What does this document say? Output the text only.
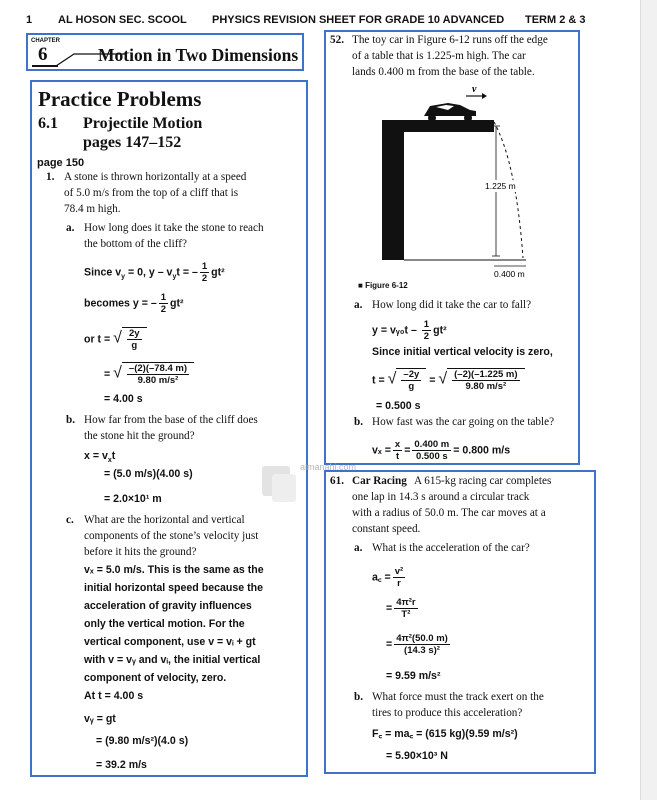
1 AL HOSON SEC. SCOOL PHYSICS REVISION SHEET FOR GRADE 10 ADVANCED TERM 2 & 3
CHAPTER
6	Motion in Two Dimensions
Practice Problems
6.1 Projectile Motion
pages 147–152
page 150
1. A stone is thrown horizontally at a speed
of 5.0 m/s from the top of a cliff that is
78.4 m high.
a. How long does it take the stone to reach
the bottom of the cliff?
Since $v_y = 0$, y – $v_yt$ = – $\frac{1}{2} gt^2$
becomes y = – $\frac{1}{2} gt^2$
or t = √ $\frac{2y}{g}$
= √ $\frac{-(2)(-78.4 m)}{\text{9.80 m/s²}}$
= 4.00 s
b. How far from the base of the cliff does
the stone hit the ground?
$x = v_xt$
= (5.0 m/s)(4.00 s)
= 2.0×10¹ m
c. What are the horizontal and vertical
components of the stone’s velocity just
before it hits the ground?
vₓ = 5.0 m/s. This is the same as the
initial horizontal speed because the
acceleration of gravity influences
only the vertical motion. For the
vertical component, use v = vᵢ + gt
with v = vᵧ and vᵢ, the initial vertical
component of velocity, zero.
At t = 4.00 s
vᵧ = gt
= (9.80 m/s²)(4.0 s)
= 39.2 m/s
52. The toy car in Figure 6-12 runs off the edge
of a table that is 1.225-m high. The car
lands 0.400 m from the base of the table.
v
1.225 m
0.400 m
■ Figure 6-12
a. How long did it take the car to fall?
y = vᵧ₀t – $\frac{1}{2} gt^2$
Since initial vertical velocity is zero,
t = √ $\frac{-2y}{g}$ = √ $\frac{(-2)(-1.225 m)}{\text{9.80 m/s²}}$
= 0.500 s
b. How fast was the car going on the table?
$v_x = \frac{x}{t} = \frac{0.400 m}{0.500 s} = 0.800$ m/s
almanahj.com
61. Car Racing A 615-kg racing car completes
one lap in 14.3 s around a circular track
with a radius of 50.0 m. The car moves at a
constant speed.
a. What is the acceleration of the car?
a꜀ = $\frac{\text{v²}}{r}$
= $\frac{\text{4π²r}}{\text{T²}}$
= $\frac{\text{4π²(50.0 m)}}{\text{(14.3 s)²}}$
= 9.59 m/s²
b. What force must the track exert on the
tires to produce this acceleration?
F꜀ = ma꜀ = (615 kg)(9.59 m/s²)
= 5.90×10³ N
